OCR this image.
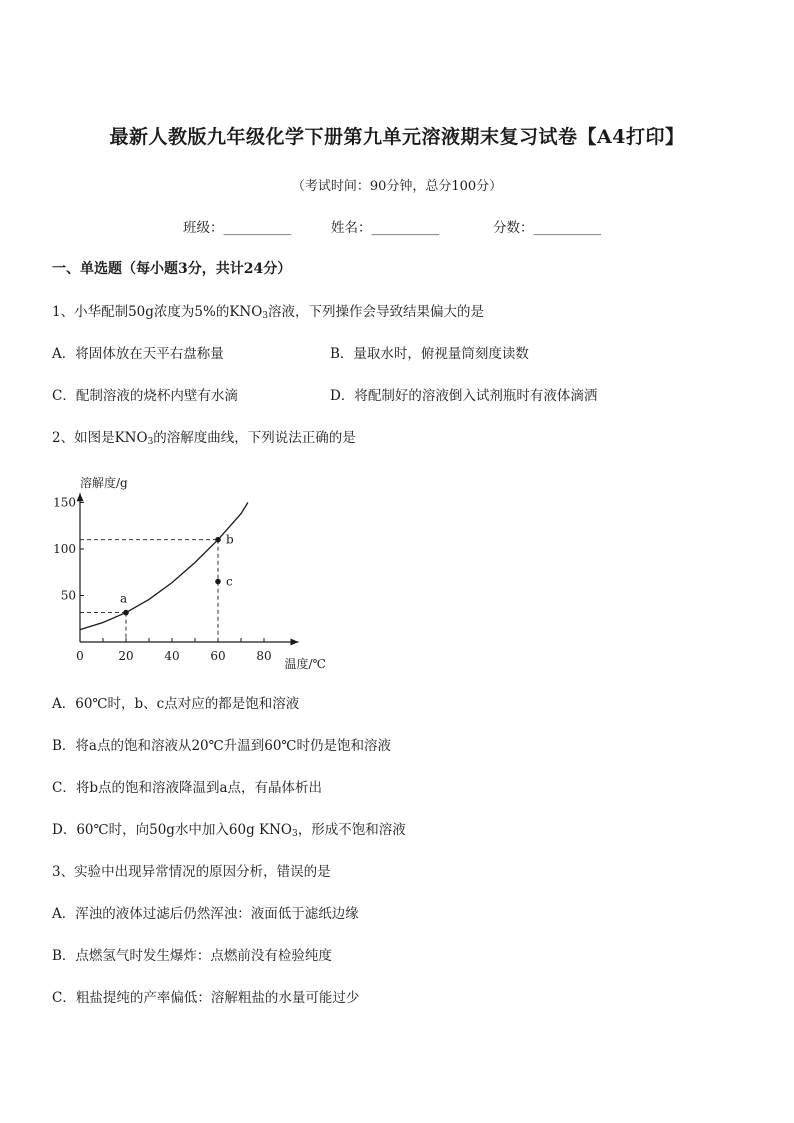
最新人教版九年级化学下册第九单元溶液期末复习试卷【A4打印】
（考试时间：90分钟，总分100分）
班级：__________	姓名：__________	分数：__________
一、单选题（每小题3分，共计24分）
1、小华配制50g浓度为5%的$KNO_3$溶液，下列操作会导致结果偏大的是
A．将固体放在天平右盘称量	B．量取水时，俯视量筒刻度读数
C．配制溶液的烧杯内壁有水滴	D．将配制好的溶液倒入试剂瓶时有液体滴洒
2、如图是$KNO_3$的溶解度曲线，下列说法正确的是
0	20	40	60	80
50
100
150
溶解度/g
温度/℃
a
b
c
A．60℃时，b、c点对应的都是饱和溶液
B．将a点的饱和溶液从20℃升温到60℃时仍是饱和溶液
C．将b点的饱和溶液降温到a点，有晶体析出
D．60℃时，向50g水中加入60g $KNO_3$，形成不饱和溶液
3、实验中出现异常情况的原因分析，错误的是
A．浑浊的液体过滤后仍然浑浊：液面低于滤纸边缘
B．点燃氢气时发生爆炸：点燃前没有检验纯度
C．粗盐提纯的产率偏低：溶解粗盐的水量可能过少
